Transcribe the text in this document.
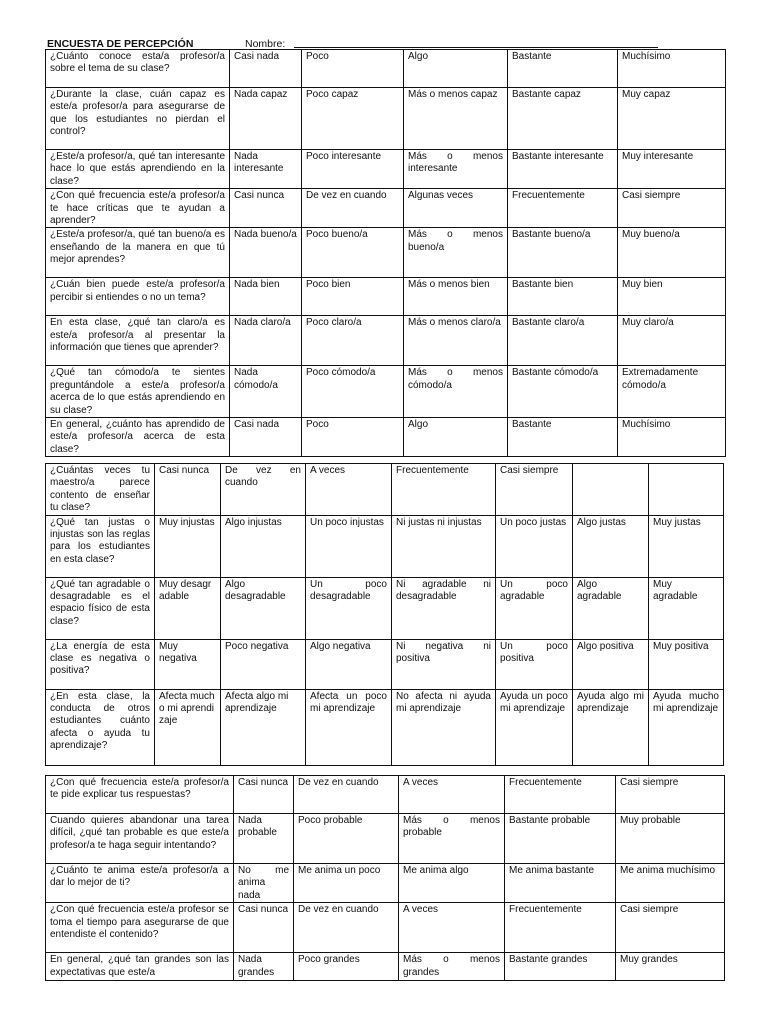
ENCUESTA DE PERCEPCIÓN	Nombre:
¿Cuánto conoce esta/a profesor/a sobre el tema de su clase?	Casi nada	Poco	Algo	Bastante	Muchísimo
¿Durante la clase, cuán capaz es este/a profesor/a para asegurarse de que los estudiantes no pierdan el control?	Nada capaz	Poco capaz	Más o menos capaz	Bastante capaz	Muy capaz
¿Este/a profesor/a, qué tan interesante hace lo que estás aprendiendo en la clase?	Nada interesante	Poco interesante	Más o menos interesante	Bastante interesante	Muy interesante
¿Con qué frecuencia este/a profesor/a te hace críticas que te ayudan a aprender?	Casi nunca	De vez en cuando	Algunas veces	Frecuentemente	Casi siempre
¿Este/a profesor/a, qué tan bueno/a es enseñando de la manera en que tú mejor aprendes?	Nada bueno/a	Poco bueno/a	Más o menos bueno/a	Bastante bueno/a	Muy bueno/a
¿Cuán bien puede este/a profesor/a percibir si entiendes o no un tema?	Nada bien	Poco bien	Más o menos bien	Bastante bien	Muy bien
En esta clase, ¿qué tan claro/a es este/a profesor/a al presentar la información que tienes que aprender?	Nada claro/a	Poco claro/a	Más o menos claro/a	Bastante claro/a	Muy claro/a
¿Qué tan cómodo/a te sientes preguntándole a este/a profesor/a acerca de lo que estás aprendiendo en su clase?	Nada cómodo/a	Poco cómodo/a	Más o menos cómodo/a	Bastante cómodo/a	Extremadamente cómodo/a
En general, ¿cuánto has aprendido de este/a profesor/a acerca de esta clase?	Casi nada	Poco	Algo	Bastante	Muchísimo
¿Cuántas veces tu maestro/a parece contento de enseñar tu clase?	Casi nunca	De vez en cuando	A veces	Frecuentemente	Casi siempre		
¿Qué tan justas o injustas son las reglas para los estudiantes en esta clase?	Muy injustas	Algo injustas	Un poco injustas	Ni justas ni injustas	Un poco justas	Algo justas	Muy justas
¿Qué tan agradable o desagradable es el espacio físico de esta clase?	Muy desagradable	Algo desagradable	Un poco desagradable	Ni agradable ni desagradable	Un poco agradable	Algo agradable	Muy agradable
¿La energía de esta clase es negativa o positiva?	Muy negativa	Poco negativa	Algo negativa	Ni negativa ni positiva	Un poco positiva	Algo positiva	Muy positiva
¿En esta clase, la conducta de otros estudiantes cuánto afecta o ayuda tu aprendizaje?	Afecta mucho mi aprendizaje	Afecta algo mi aprendizaje	Afecta un poco mi aprendizaje	No afecta ni ayuda mi aprendizaje	Ayuda un poco mi aprendizaje	Ayuda algo mi aprendizaje	Ayuda mucho mi aprendizaje
¿Con qué frecuencia este/a profesor/a te pide explicar tus respuestas?	Casi nunca	De vez en cuando	A veces	Frecuentemente	Casi siempre
Cuando quieres abandonar una tarea difícil, ¿qué tan probable es que este/a profesor/a te haga seguir intentando?	Nada probable	Poco probable	Más o menos probable	Bastante probable	Muy probable
¿Cuánto te anima este/a profesor/a a dar lo mejor de ti?	No me anima nada	Me anima un poco	Me anima algo	Me anima bastante	Me anima muchísimo
¿Con qué frecuencia este/a profesor se toma el tiempo para asegurarse de que entendiste el contenido?	Casi nunca	De vez en cuando	A veces	Frecuentemente	Casi siempre
En general, ¿qué tan grandes son las expectativas que este/a	Nada grandes	Poco grandes	Más o menos grandes	Bastante grandes	Muy grandes
